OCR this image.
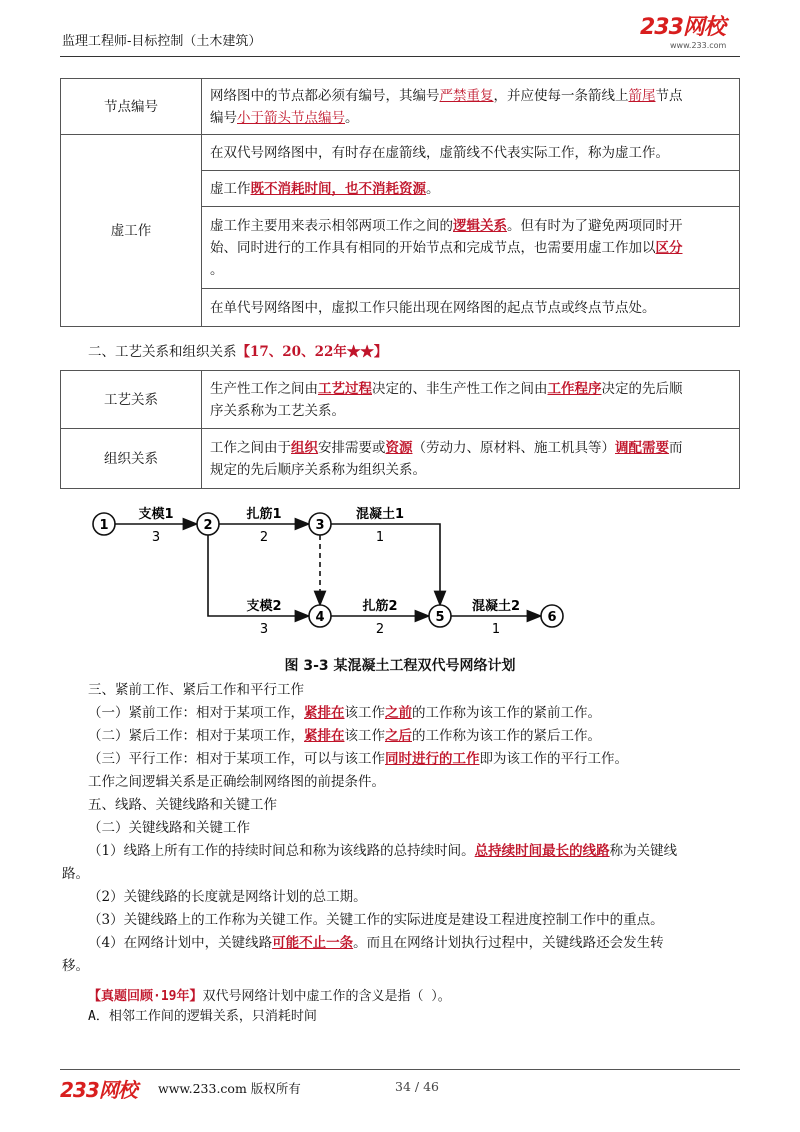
监理工程师-目标控制（土木建筑）
233网校
www.233.com
节点编号	网络图中的节点都必须有编号，其编号严禁重复，并应使每一条箭线上箭尾节点
编号小于箭头节点编号。
虚工作	在双代号网络图中，有时存在虚箭线，虚箭线不代表实际工作，称为虚工作。
	虚工作既不消耗时间，也不消耗资源。
	虚工作主要用来表示相邻两项工作之间的逻辑关系。但有时为了避免两项同时开
始、同时进行的工作具有相同的开始节点和完成节点，也需要用虚工作加以区分
。
	在单代号网络图中，虚拟工作只能出现在网络图的起点节点或终点节点处。
二、工艺关系和组织关系【17、20、22年★★】
工艺关系	生产性工作之间由工艺过程决定的、非生产性工作之间由工作程序决定的先后顺
序关系称为工艺关系。
组织关系	工作之间由于组织安排需要或资源（劳动力、原材料、施工机具等）调配需要而
规定的先后顺序关系称为组织关系。
1	2	3
4	5	6
支模1
3
扎筋1
2
混凝土1
1
支模2
3
扎筋2
2
混凝土2
1
图 3-3 某混凝土工程双代号网络计划
三、紧前工作、紧后工作和平行工作
（一）紧前工作：相对于某项工作，紧排在该工作之前的工作称为该工作的紧前工作。
（二）紧后工作：相对于某项工作，紧排在该工作之后的工作称为该工作的紧后工作。
（三）平行工作：相对于某项工作，可以与该工作同时进行的工作即为该工作的平行工作。
工作之间逻辑关系是正确绘制网络图的前提条件。
五、线路、关键线路和关键工作
（二）关键线路和关键工作
（1）线路上所有工作的持续时间总和称为该线路的总持续时间。总持续时间最长的线路称为关键线
路。
（2）关键线路的长度就是网络计划的总工期。
（3）关键线路上的工作称为关键工作。关键工作的实际进度是建设工程进度控制工作中的重点。
（4）在网络计划中，关键线路可能不止一条。而且在网络计划执行过程中，关键线路还会发生转
移。
【真题回顾·19年】双代号网络计划中虚工作的含义是指（ ）。
A．相邻工作间的逻辑关系，只消耗时间
233网校 www.233.com 版权所有	34 / 46
